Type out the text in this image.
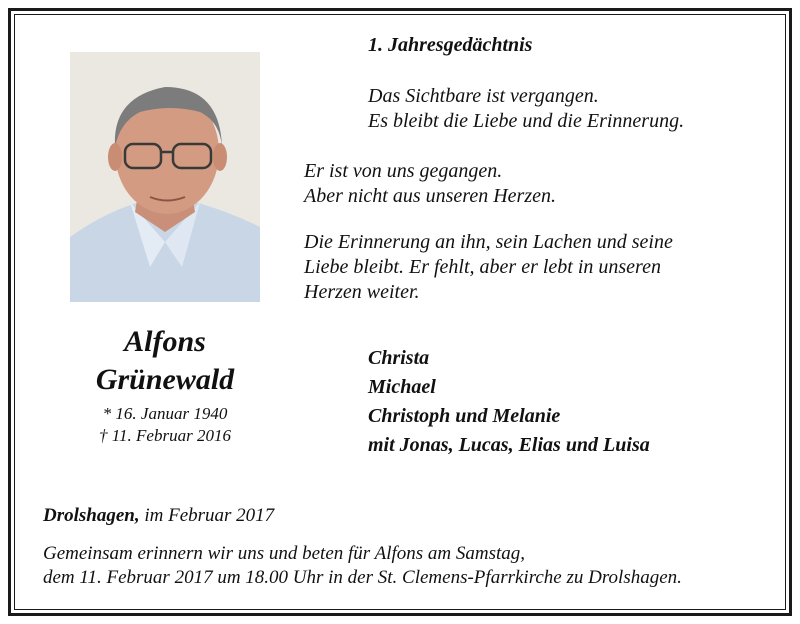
1. Jahresgedächtnis

Das Sichtbare ist vergangen.
Es bleibt die Liebe und die Erinnerung.

Er ist von uns gegangen.
Aber nicht aus unseren Herzen.

Die Erinnerung an ihn, sein Lachen und seine
Liebe bleibt. Er fehlt, aber er lebt in unseren
Herzen weiter.

Alfons
Grünewald
* 16. Januar 1940
† 11. Februar 2016
Christa
Michael
Christoph und Melanie
mit Jonas, Lucas, Elias und Luisa
Drolshagen, im Februar 2017
Gemeinsam erinnern wir uns und beten für Alfons am Samstag,
dem 11. Februar 2017 um 18.00 Uhr in der St. Clemens-Pfarrkirche zu Drolshagen.
